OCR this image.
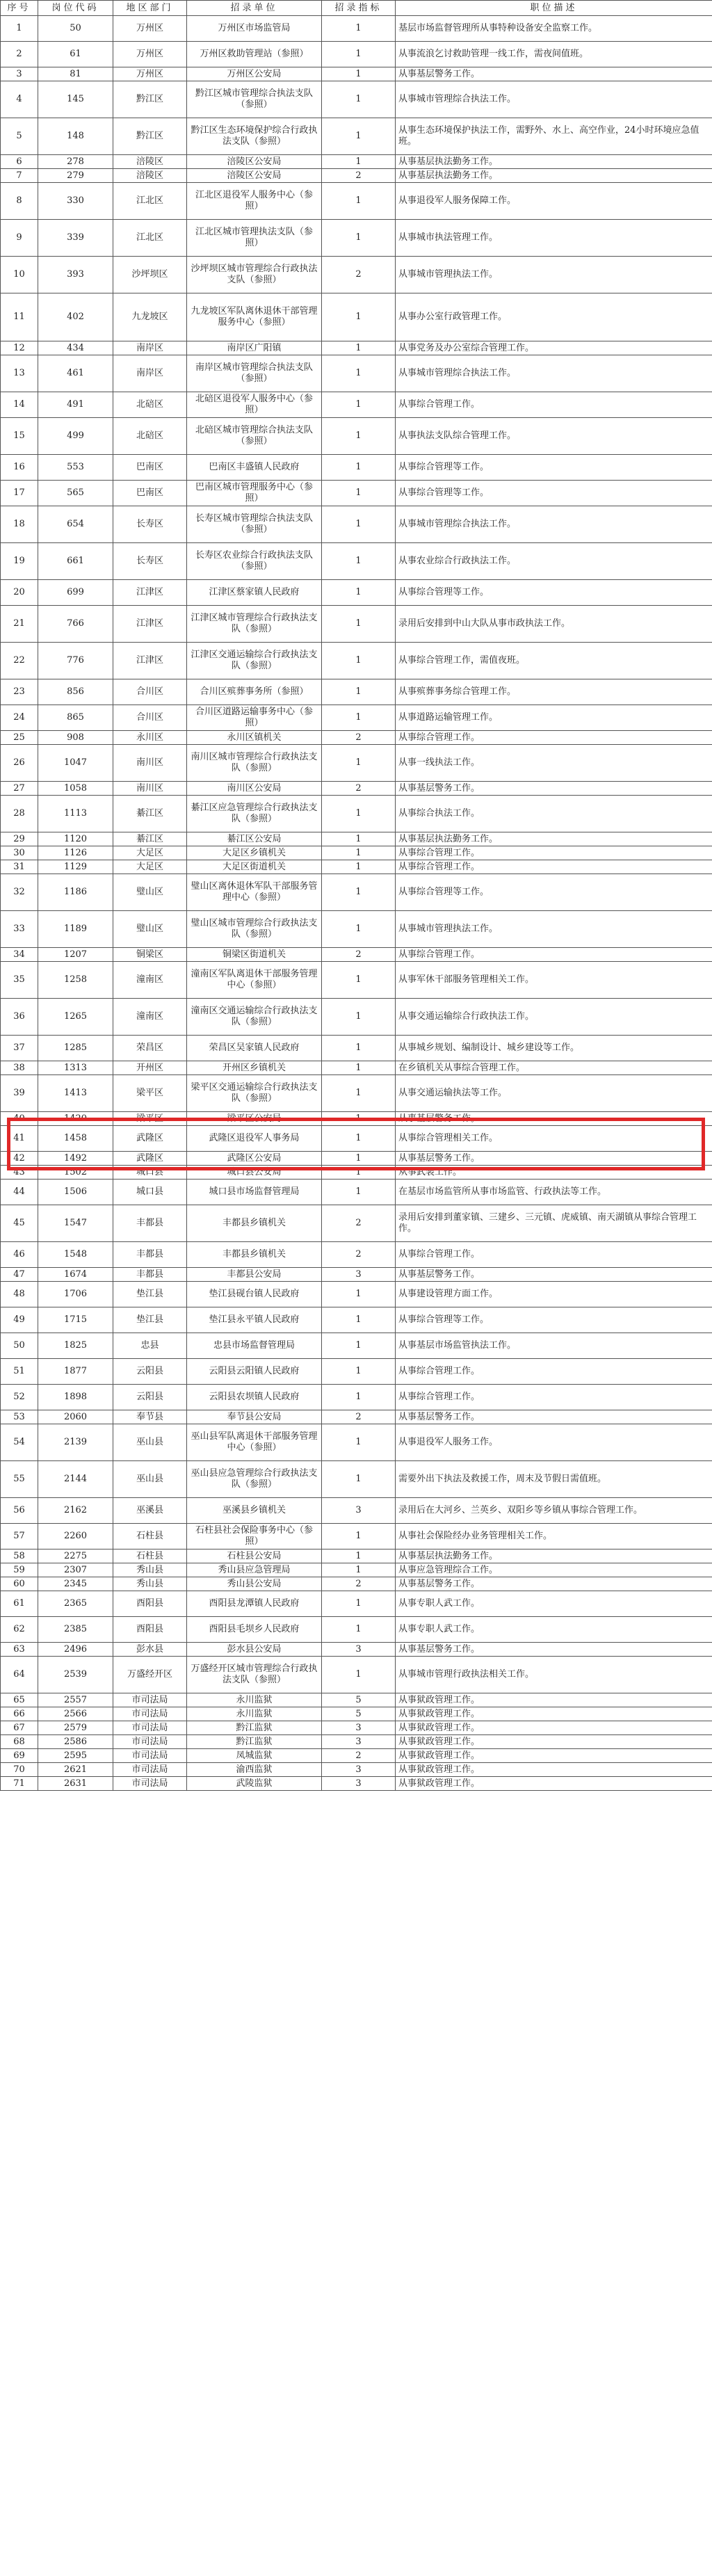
序号	岗位代码	地区部门	招录单位	招录指标	职位描述
1	50	万州区	万州区市场监管局	1	基层市场监督管理所从事特种设备安全监察工作。
2	61	万州区	万州区救助管理站（参照）	1	从事流浪乞讨救助管理一线工作，需夜间值班。
3	81	万州区	万州区公安局	1	从事基层警务工作。
4	145	黔江区	黔江区城市管理综合执法支队（参照）	1	从事城市管理综合执法工作。
5	148	黔江区	黔江区生态环境保护综合行政执法支队（参照）	1	从事生态环境保护执法工作，需野外、水上、高空作业，24小时环境应急值班。
6	278	涪陵区	涪陵区公安局	1	从事基层执法勤务工作。
7	279	涪陵区	涪陵区公安局	2	从事基层执法勤务工作。
8	330	江北区	江北区退役军人服务中心（参照）	1	从事退役军人服务保障工作。
9	339	江北区	江北区城市管理执法支队（参照）	1	从事城市执法管理工作。
10	393	沙坪坝区	沙坪坝区城市管理综合行政执法支队（参照）	2	从事城市管理执法工作。
11	402	九龙坡区	九龙坡区军队离休退休干部管理服务中心（参照）	1	从事办公室行政管理工作。
12	434	南岸区	南岸区广阳镇	1	从事党务及办公室综合管理工作。
13	461	南岸区	南岸区城市管理综合执法支队（参照）	1	从事城市管理综合执法工作。
14	491	北碚区	北碚区退役军人服务中心（参照）	1	从事综合管理工作。
15	499	北碚区	北碚区城市管理综合执法支队（参照）	1	从事执法支队综合管理工作。
16	553	巴南区	巴南区丰盛镇人民政府	1	从事综合管理等工作。
17	565	巴南区	巴南区城市管理服务中心（参照）	1	从事综合管理等工作。
18	654	长寿区	长寿区城市管理综合执法支队（参照）	1	从事城市管理综合执法工作。
19	661	长寿区	长寿区农业综合行政执法支队（参照）	1	从事农业综合行政执法工作。
20	699	江津区	江津区蔡家镇人民政府	1	从事综合管理等工作。
21	766	江津区	江津区城市管理综合行政执法支队（参照）	1	录用后安排到中山大队从事市政执法工作。
22	776	江津区	江津区交通运输综合行政执法支队（参照）	1	从事综合管理工作，需值夜班。
23	856	合川区	合川区殡葬事务所（参照）	1	从事殡葬事务综合管理工作。
24	865	合川区	合川区道路运输事务中心（参照）	1	从事道路运输管理工作。
25	908	永川区	永川区镇机关	2	从事综合管理工作。
26	1047	南川区	南川区城市管理综合行政执法支队（参照）	1	从事一线执法工作。
27	1058	南川区	南川区公安局	2	从事基层警务工作。
28	1113	綦江区	綦江区应急管理综合行政执法支队（参照）	1	从事综合执法工作。
29	1120	綦江区	綦江区公安局	1	从事基层执法勤务工作。
30	1126	大足区	大足区乡镇机关	1	从事综合管理工作。
31	1129	大足区	大足区街道机关	1	从事综合管理工作。
32	1186	璧山区	璧山区离休退休军队干部服务管理中心（参照）	1	从事综合管理等工作。
33	1189	璧山区	璧山区城市管理综合行政执法支队（参照）	1	从事城市管理执法工作。
34	1207	铜梁区	铜梁区街道机关	2	从事综合管理工作。
35	1258	潼南区	潼南区军队离退休干部服务管理中心（参照）	1	从事军休干部服务管理相关工作。
36	1265	潼南区	潼南区交通运输综合行政执法支队（参照）	1	从事交通运输综合行政执法工作。
37	1285	荣昌区	荣昌区吴家镇人民政府	1	从事城乡规划、编制设计、城乡建设等工作。
38	1313	开州区	开州区乡镇机关	1	在乡镇机关从事综合管理工作。
39	1413	梁平区	梁平区交通运输综合行政执法支队（参照）	1	从事交通运输执法等工作。
40	1420	梁平区	梁平区公安局	1	从事基层警务工作。
41	1458	武隆区	武隆区退役军人事务局	1	从事综合管理相关工作。
42	1492	武隆区	武隆区公安局	1	从事基层警务工作。
43	1502	城口县	城口县公安局	1	从事武装工作。
44	1506	城口县	城口县市场监督管理局	1	在基层市场监管所从事市场监管、行政执法等工作。
45	1547	丰都县	丰都县乡镇机关	2	录用后安排到董家镇、三建乡、三元镇、虎威镇、南天湖镇从事综合管理工作。
46	1548	丰都县	丰都县乡镇机关	2	从事综合管理工作。
47	1674	丰都县	丰都县公安局	3	从事基层警务工作。
48	1706	垫江县	垫江县砚台镇人民政府	1	从事建设管理方面工作。
49	1715	垫江县	垫江县永平镇人民政府	1	从事综合管理等工作。
50	1825	忠县	忠县市场监督管理局	1	从事基层市场监管执法工作。
51	1877	云阳县	云阳县云阳镇人民政府	1	从事综合管理工作。
52	1898	云阳县	云阳县农坝镇人民政府	1	从事综合管理工作。
53	2060	奉节县	奉节县公安局	2	从事基层警务工作。
54	2139	巫山县	巫山县军队离退休干部服务管理中心（参照）	1	从事退役军人服务工作。
55	2144	巫山县	巫山县应急管理综合行政执法支队（参照）	1	需要外出下执法及救援工作，周末及节假日需值班。
56	2162	巫溪县	巫溪县乡镇机关	3	录用后在大河乡、兰英乡、双阳乡等乡镇从事综合管理工作。
57	2260	石柱县	石柱县社会保险事务中心（参照）	1	从事社会保险经办业务管理相关工作。
58	2275	石柱县	石柱县公安局	1	从事基层执法勤务工作。
59	2307	秀山县	秀山县应急管理局	1	从事应急管理综合工作。
60	2345	秀山县	秀山县公安局	2	从事基层警务工作。
61	2365	酉阳县	酉阳县龙潭镇人民政府	1	从事专职人武工作。
62	2385	酉阳县	酉阳县毛坝乡人民政府	1	从事专职人武工作。
63	2496	彭水县	彭水县公安局	3	从事基层警务工作。
64	2539	万盛经开区	万盛经开区城市管理综合行政执法支队（参照）	1	从事城市管理行政执法相关工作。
65	2557	市司法局	永川监狱	5	从事狱政管理工作。
66	2566	市司法局	永川监狱	5	从事狱政管理工作。
67	2579	市司法局	黔江监狱	3	从事狱政管理工作。
68	2586	市司法局	黔江监狱	3	从事狱政管理工作。
69	2595	市司法局	凤城监狱	2	从事狱政管理工作。
70	2621	市司法局	渝西监狱	3	从事狱政管理工作。
71	2631	市司法局	武陵监狱	3	从事狱政管理工作。
